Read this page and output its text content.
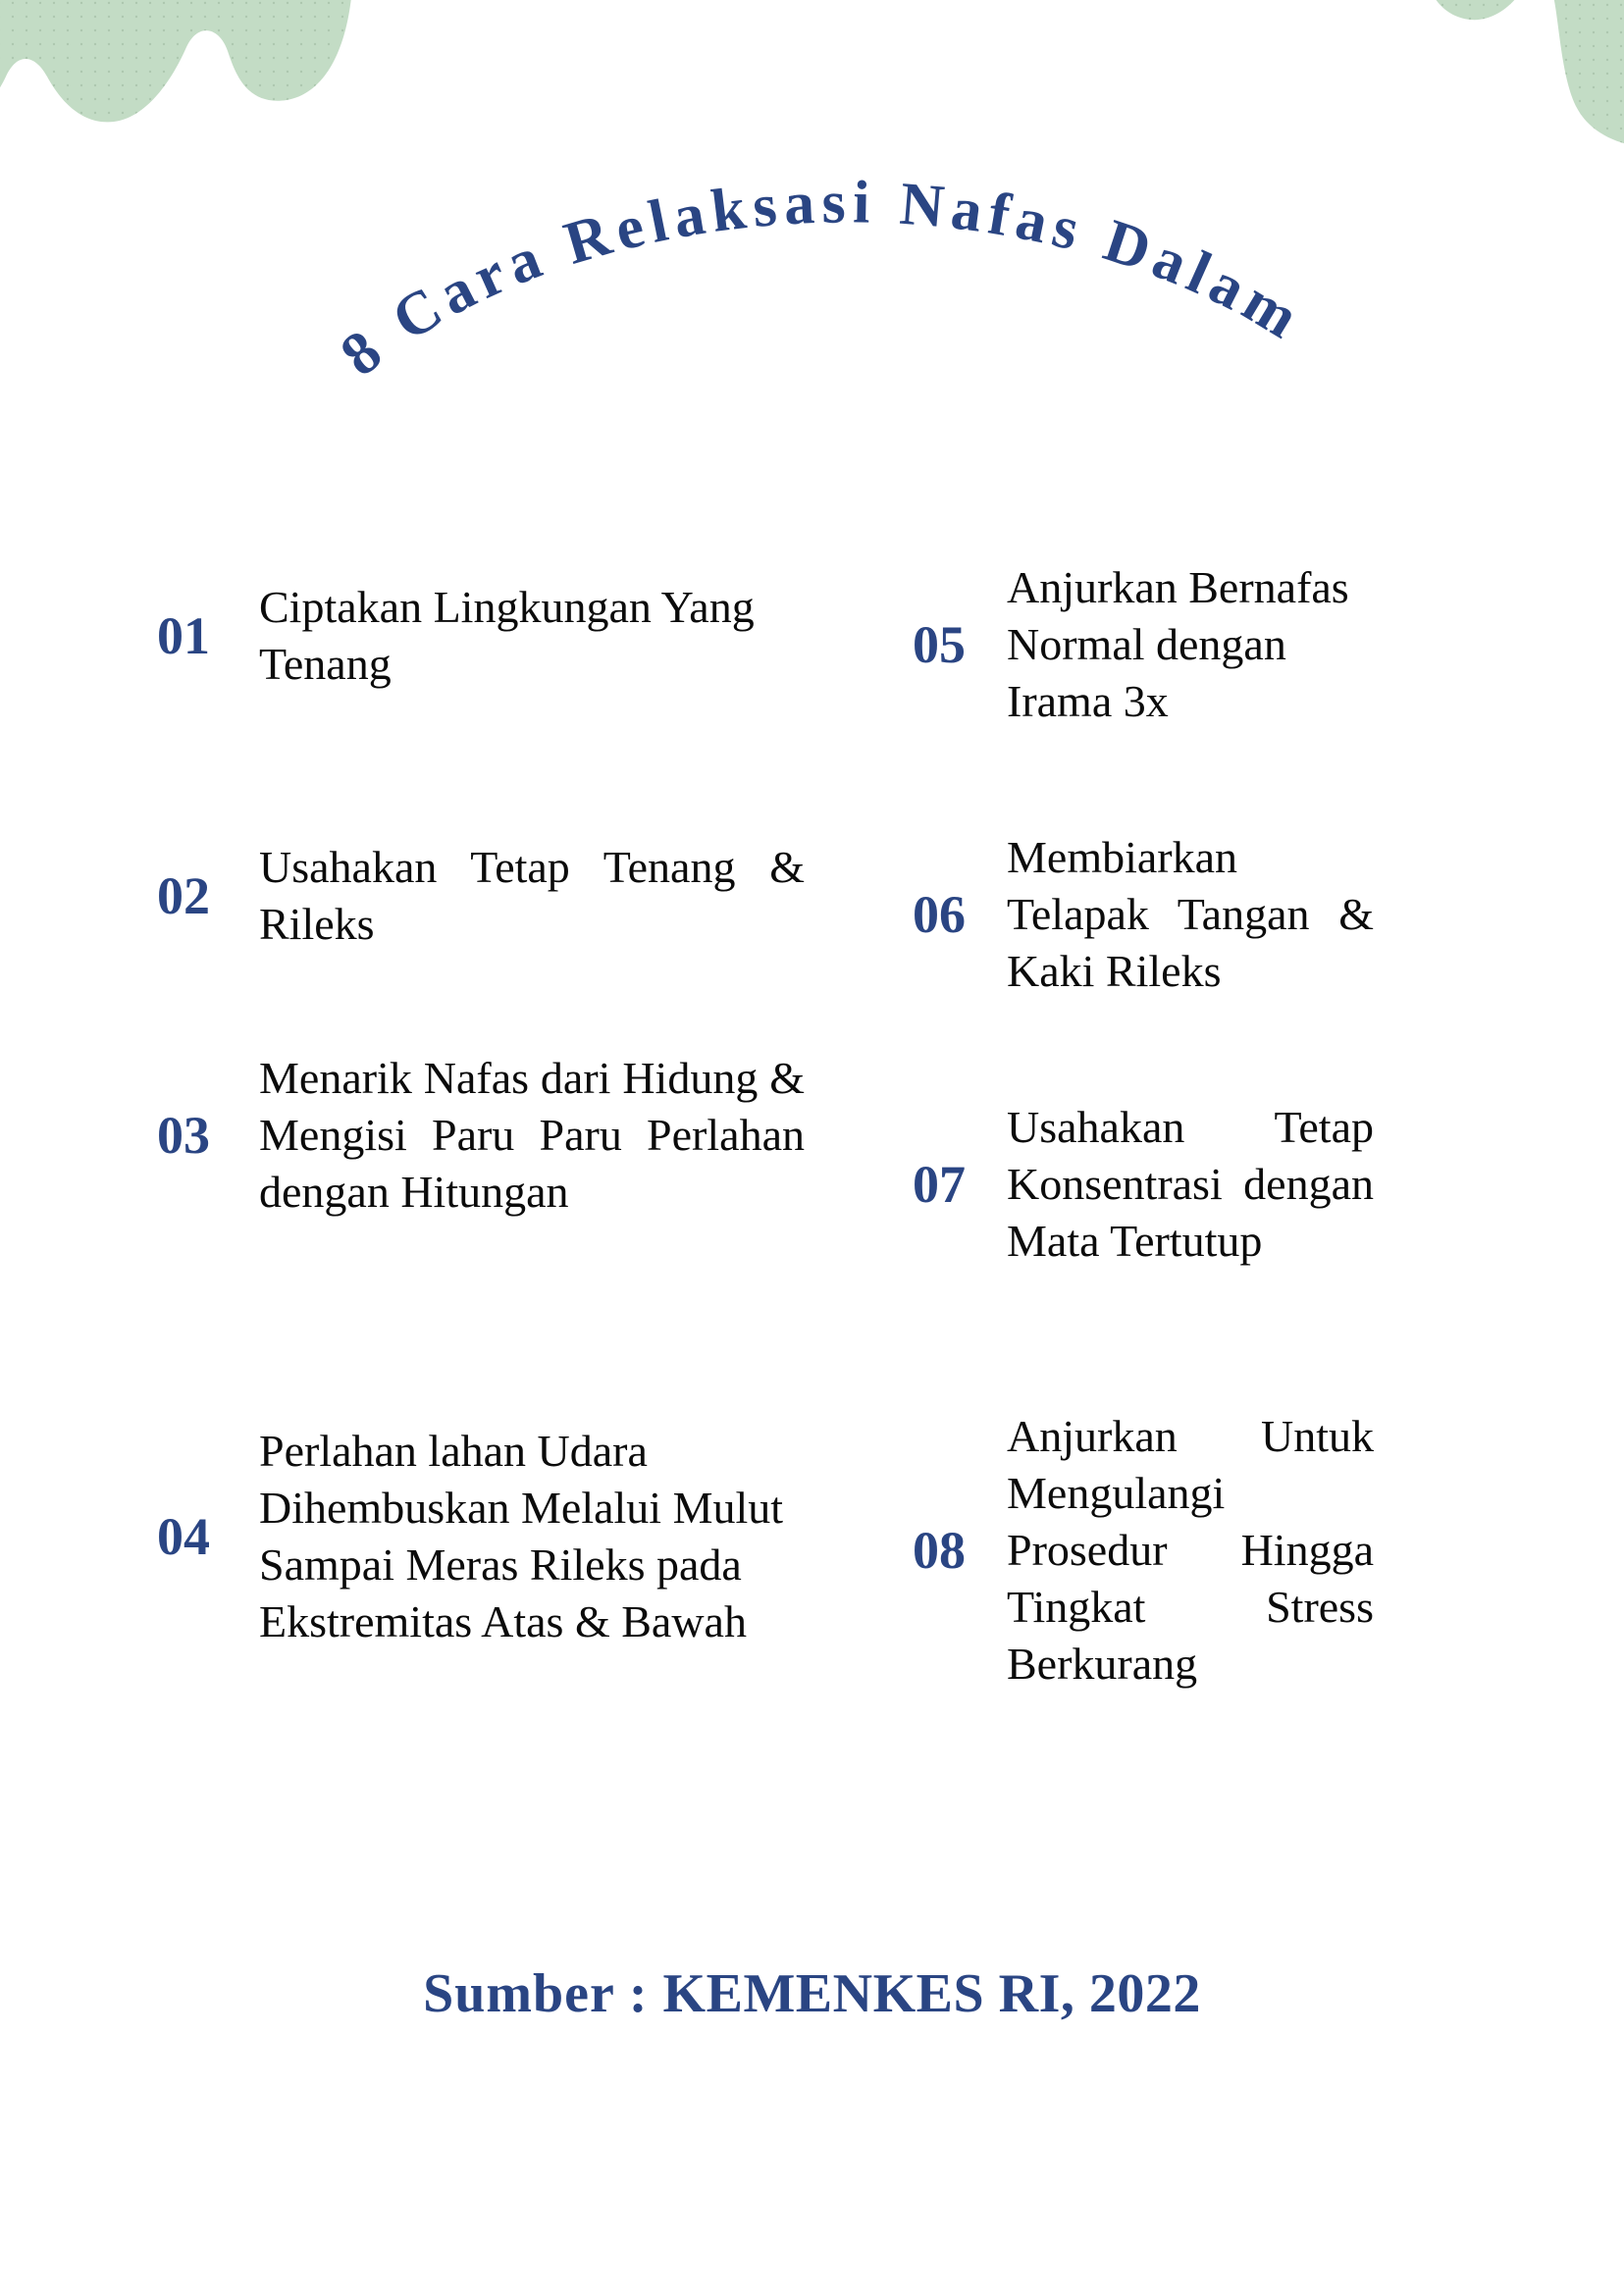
8 Cara Relaksasi Nafas Dalam
01	Ciptakan Lingkungan Yang Tenang
02	Usahakan Tetap Tenang & Rileks
03
Menarik Nafas dari Hidung & Mengisi Paru Paru Perlahan dengan Hitungan
04
Perlahan lahan Udara Dihembuskan Melalui Mulut Sampai Meras Rileks pada Ekstremitas Atas & Bawah
05
Anjurkan Bernafas Normal dengan Irama 3x
06
Membiarkan Telapak Tangan & Kaki Rileks
07
Usahakan Tetap Konsentrasi dengan Mata Tertutup
08
Anjurkan Untuk Mengulangi Prosedur Hingga Tingkat Stress Berkurang
Sumber : KEMENKES RI, 2022
